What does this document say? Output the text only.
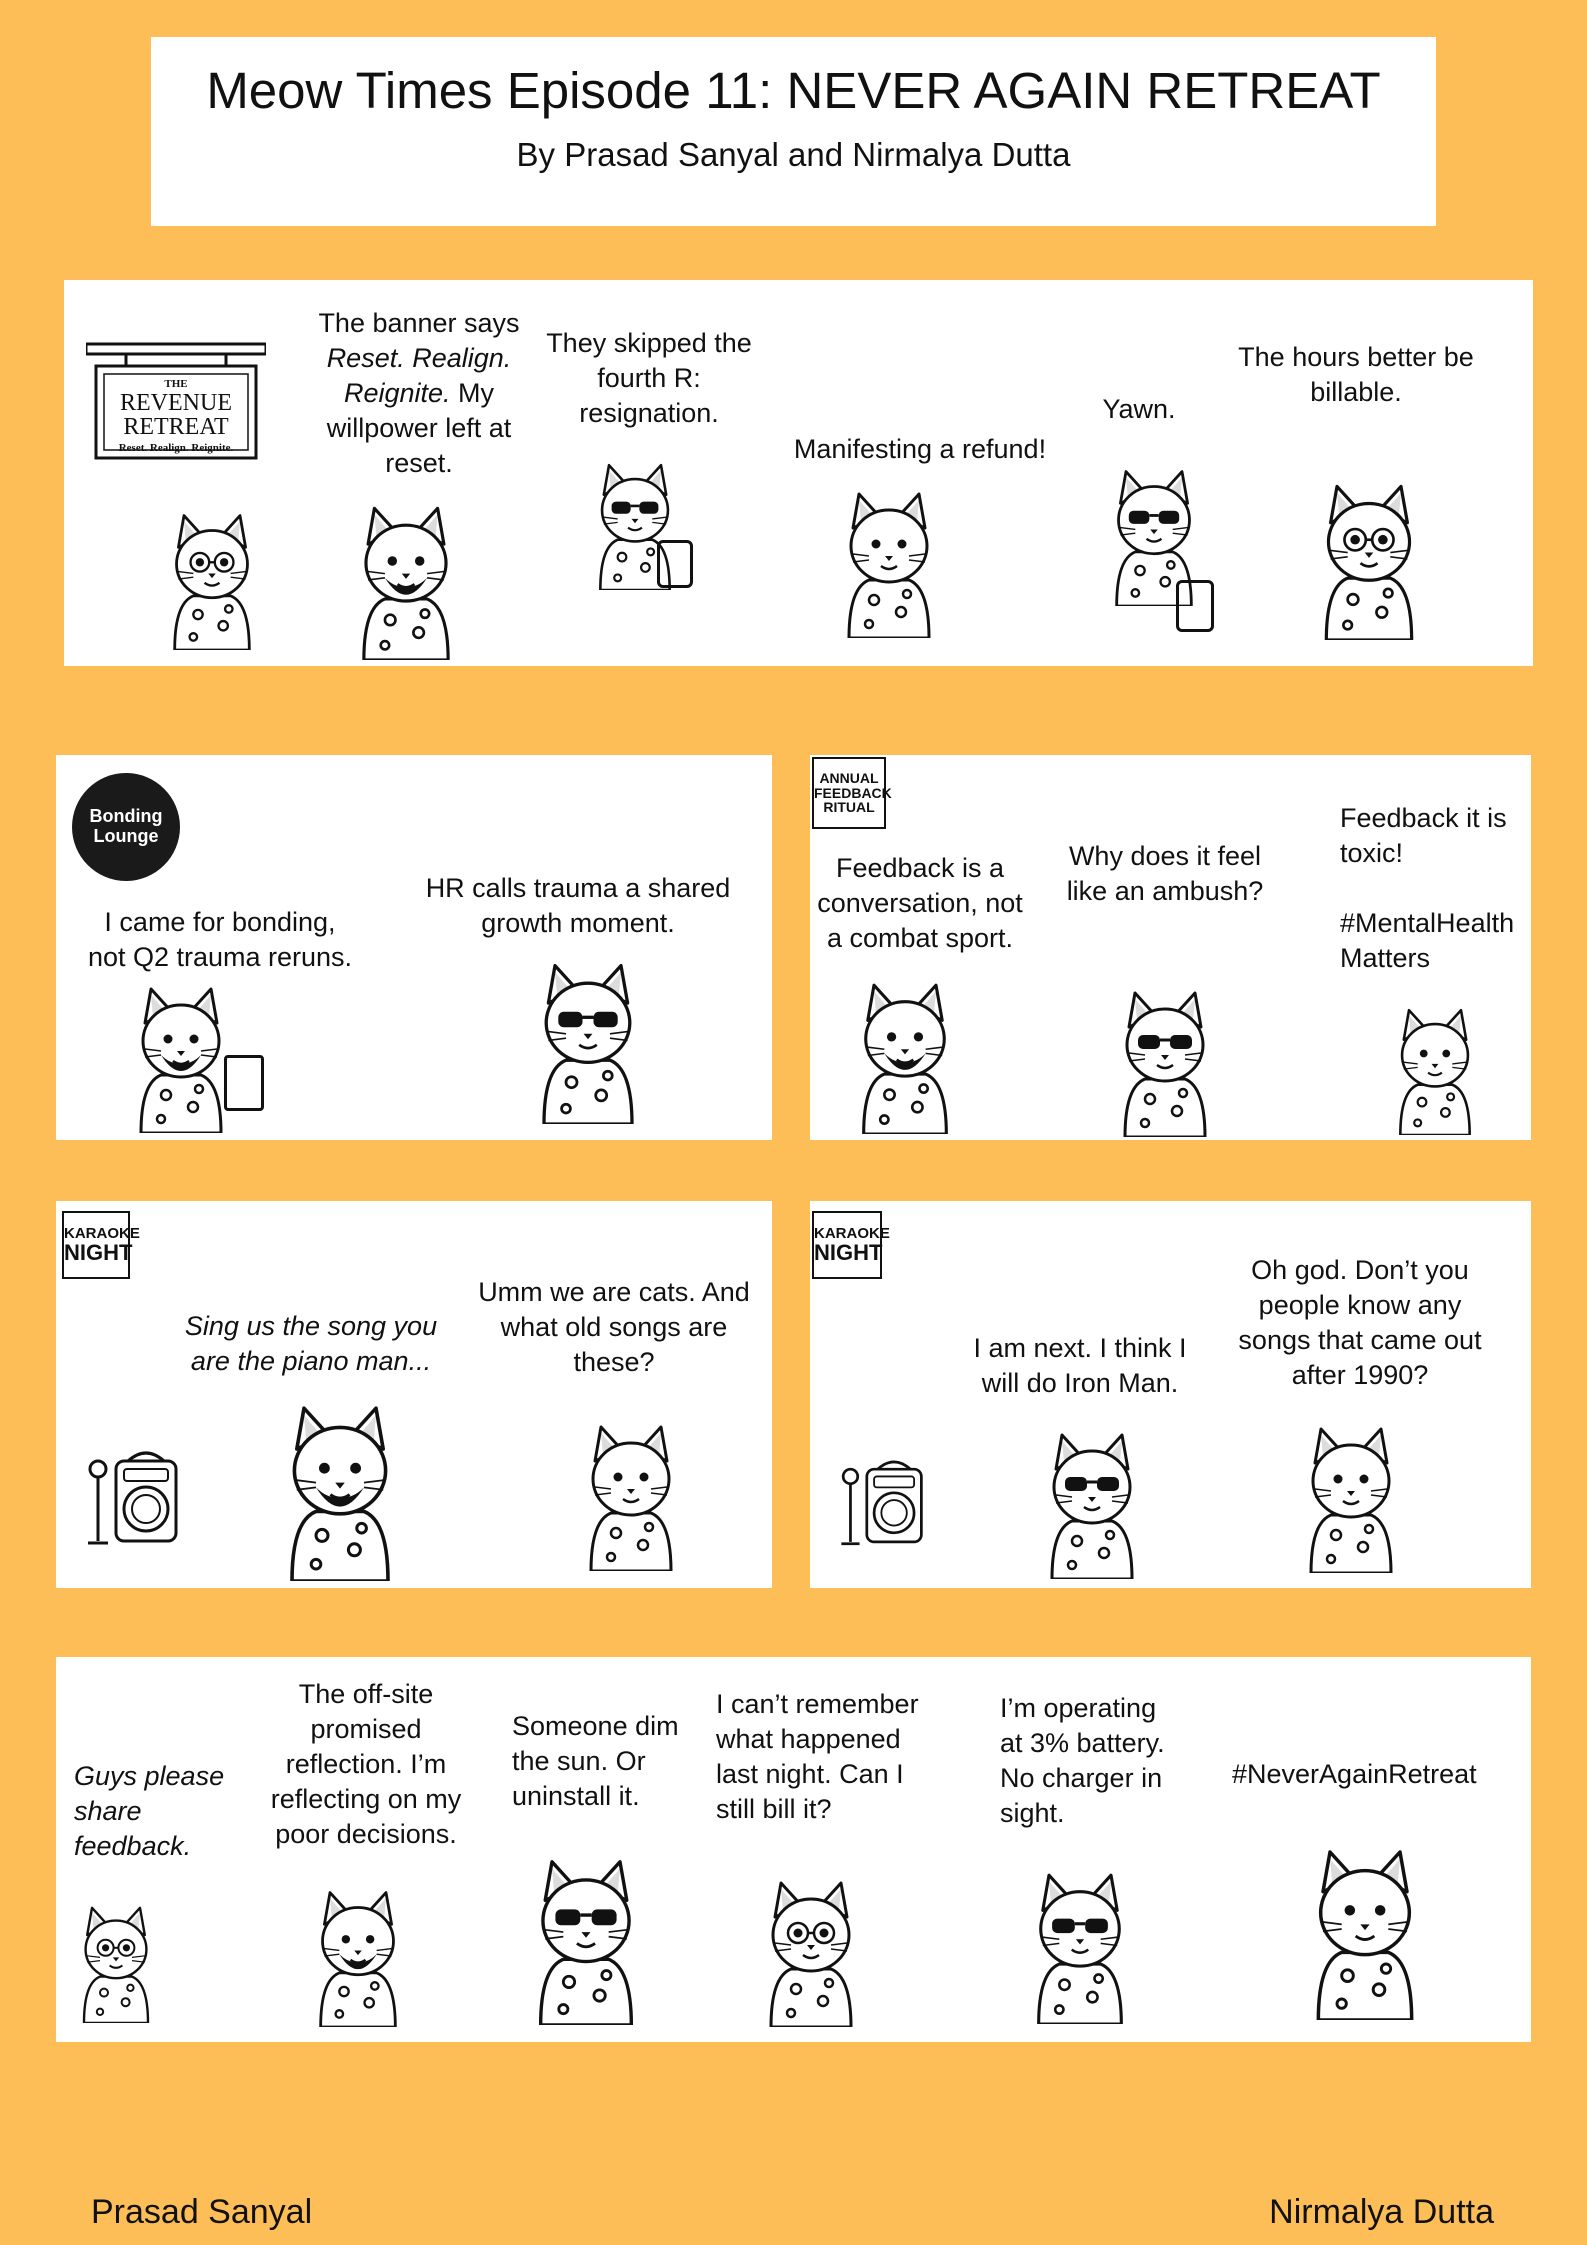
Meow Times Episode 11: NEVER AGAIN RETREAT
By Prasad Sanyal and Nirmalya Dutta
THE
REVENUE
RETREAT
Reset. Realign. Reignite.
The banner says
Reset. Realign.
Reignite. My
willpower left at
reset.
They skipped the
fourth R:
resignation.
Manifesting a refund!
Yawn.
The hours better be
billable.
Bonding
Lounge
I came for bonding,
not Q2 trauma reruns.
HR calls trauma a shared
growth moment.
ANNUAL
FEEDBACK
RITUAL
Feedback is a
conversation, not
a combat sport.
Why does it feel
like an ambush?
Feedback it is
toxic!
#MentalHealth
Matters
KARAOKE
NIGHT
Sing us the song you
are the piano man...
Umm we are cats. And
what old songs are
these?
KARAOKE
NIGHT
I am next. I think I
will do Iron Man.
Oh god. Don’t you
people know any
songs that came out
after 1990?
Guys please
share
feedback.
The off-site
promised
reflection. I’m
reflecting on my
poor decisions.
Someone dim
the sun. Or
uninstall it.
I can’t remember
what happened
last night. Can I
still bill it?
I’m operating
at 3% battery.
No charger in
sight.
#NeverAgainRetreat
Prasad Sanyal	Nirmalya Dutta
